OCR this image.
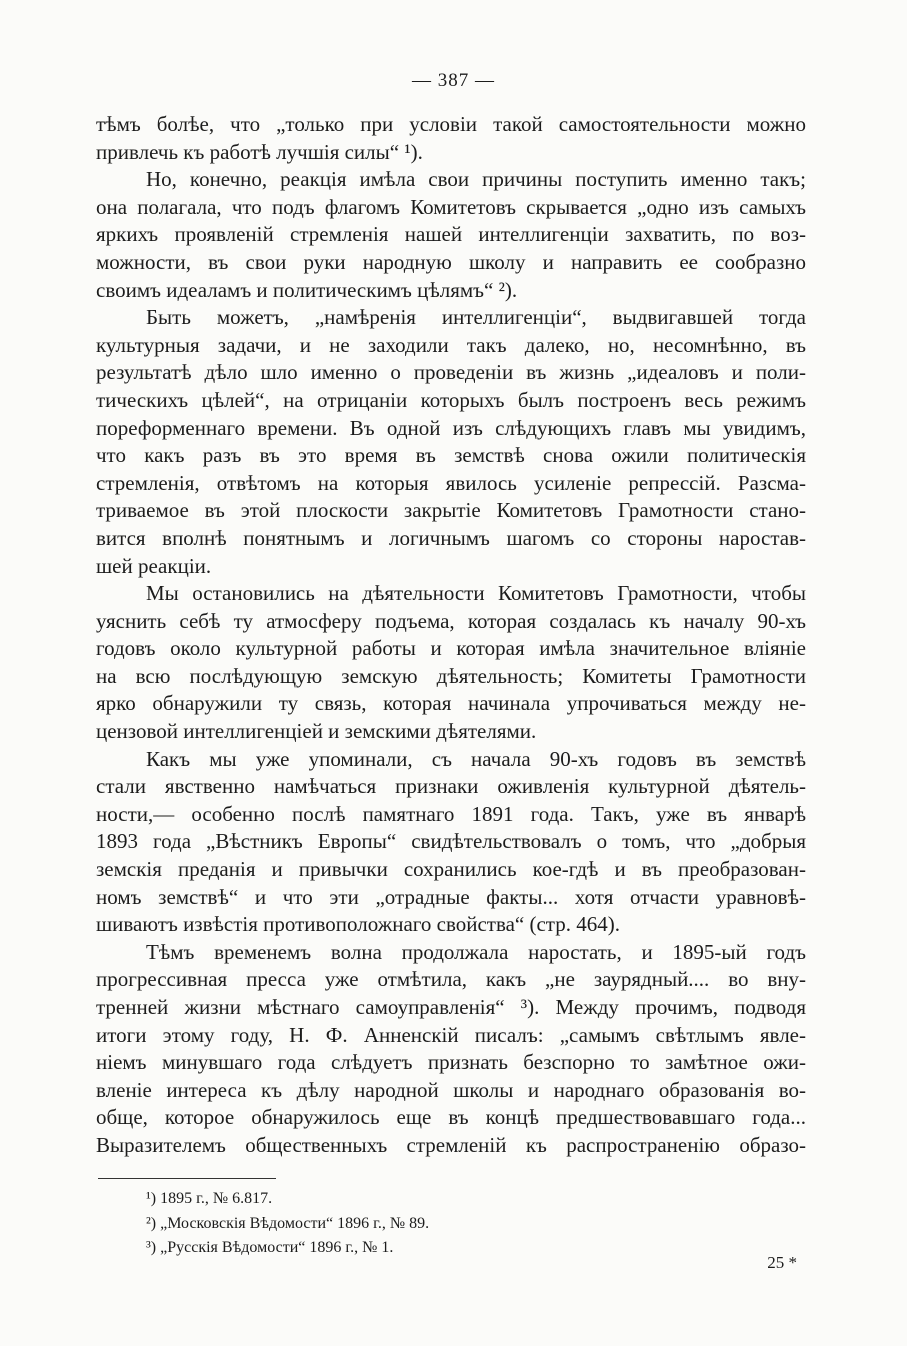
— 387 —
тѣмъ болѣе, что „только при условіи такой самостоятельности можно
привлечь къ работѣ лучшія силы“ ¹).
Но, конечно, реакція имѣла свои причины поступить именно такъ;
она полагала, что подъ флагомъ Комитетовъ скрывается „одно изъ самыхъ
яркихъ проявленій стремленія нашей интеллигенціи захватить, по воз-
можности, въ свои руки народную школу и направить ее сообразно
своимъ идеаламъ и политическимъ цѣлямъ“ ²).
Быть можетъ, „намѣренія интеллигенціи“, выдвигавшей тогда
культурныя задачи, и не заходили такъ далеко, но, несомнѣнно, въ
результатѣ дѣло шло именно о проведеніи въ жизнь „идеаловъ и поли-
тическихъ цѣлей“, на отрицаніи которыхъ былъ построенъ весь режимъ
пореформеннаго времени. Въ одной изъ слѣдующихъ главъ мы увидимъ,
что какъ разъ въ это время въ земствѣ снова ожили политическія
стремленія, отвѣтомъ на которыя явилось усиленіе репрессій. Разсма-
триваемое въ этой плоскости закрытіе Комитетовъ Грамотности стано-
вится вполнѣ понятнымъ и логичнымъ шагомъ со стороны наростав-
шей реакціи.
Мы остановились на дѣятельности Комитетовъ Грамотности, чтобы
уяснить себѣ ту атмосферу подъема, которая создалась къ началу 90-хъ
годовъ около культурной работы и которая имѣла значительное вліяніе
на всю послѣдующую земскую дѣятельность; Комитеты Грамотности
ярко обнаружили ту связь, которая начинала упрочиваться между не-
цензовой интеллигенціей и земскими дѣятелями.
Какъ мы уже упоминали, съ начала 90-хъ годовъ въ земствѣ
стали явственно намѣчаться признаки оживленія культурной дѣятель-
ности,— особенно послѣ памятнаго 1891 года. Такъ, уже въ январѣ
1893 года „Вѣстникъ Европы“ свидѣтельствовалъ о томъ, что „добрыя
земскія преданія и привычки сохранились кое-гдѣ и въ преобразован-
номъ земствѣ“ и что эти „отрадные факты... хотя отчасти уравновѣ-
шиваютъ извѣстія противоположнаго свойства“ (стр. 464).
Тѣмъ временемъ волна продолжала наростать, и 1895-ый годъ
прогрессивная пресса уже отмѣтила, какъ „не заурядный.... во вну-
тренней жизни мѣстнаго самоуправленія“ ³). Между прочимъ, подводя
итоги этому году, Н. Ф. Анненскій писалъ: „самымъ свѣтлымъ явле-
ніемъ минувшаго года слѣдуетъ признать безспорно то замѣтное ожи-
вленіе интереса къ дѣлу народной школы и народнаго образованія во-
обще, которое обнаружилось еще въ концѣ предшествовавшаго года...
Выразителемъ общественныхъ стремленій къ распространенію образо-
¹) 1895 г., № 6.817.
²) „Московскія Вѣдомости“ 1896 г., № 89.
³) „Русскія Вѣдомости“ 1896 г., № 1.
25 *
